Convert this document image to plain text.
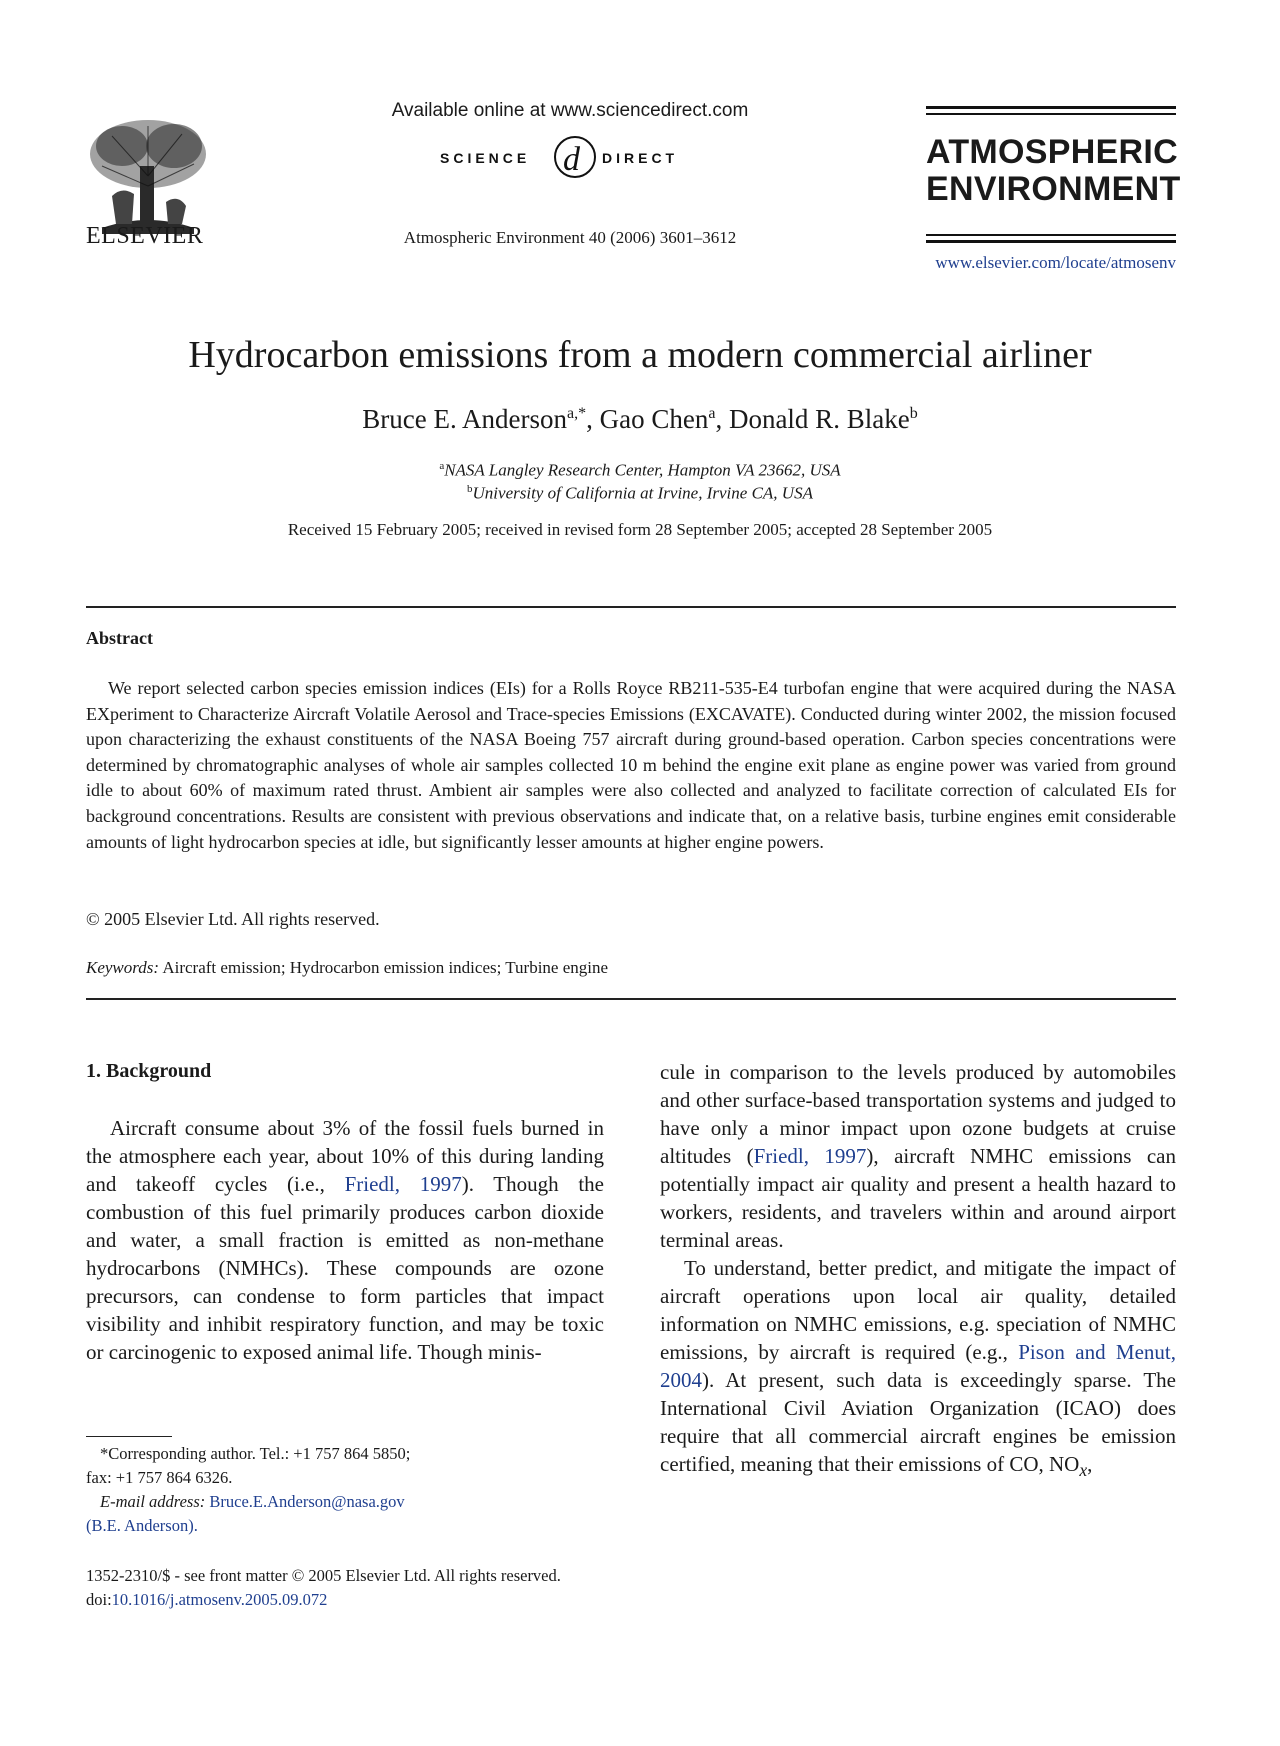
ELSEVIER
Available online at www.sciencedirect.com
SCIENCE d DIRECT
Atmospheric Environment 40 (2006) 3601–3612
ATMOSPHERIC
ENVIRONMENT
www.elsevier.com/locate/atmosenv
Hydrocarbon emissions from a modern commercial airliner
Bruce E. Anderson$^{a,*}$, Gao Chen$^a$, Donald R. Blake$^b$
$^a$NASA Langley Research Center, Hampton VA 23662, USA
$^b$University of California at Irvine, Irvine CA, USA
Received 15 February 2005; received in revised form 28 September 2005; accepted 28 September 2005
Abstract
We report selected carbon species emission indices (EIs) for a Rolls Royce RB211-535-E4 turbofan engine that were acquired during the NASA EXperiment to Characterize Aircraft Volatile Aerosol and Trace-species Emissions (EXCAVATE). Conducted during winter 2002, the mission focused upon characterizing the exhaust constituents of the NASA Boeing 757 aircraft during ground-based operation. Carbon species concentrations were determined by chromatographic analyses of whole air samples collected 10 m behind the engine exit plane as engine power was varied from ground idle to about 60% of maximum rated thrust. Ambient air samples were also collected and analyzed to facilitate correction of calculated EIs for background concentrations. Results are consistent with previous observations and indicate that, on a relative basis, turbine engines emit considerable amounts of light hydrocarbon species at idle, but significantly lesser amounts at higher engine powers.
© 2005 Elsevier Ltd. All rights reserved.
Keywords: Aircraft emission; Hydrocarbon emission indices; Turbine engine
1. Background

Aircraft consume about 3% of the fossil fuels burned in the atmosphere each year, about 10% of this during landing and takeoff cycles (i.e., Friedl, 1997). Though the combustion of this fuel primarily produces carbon dioxide and water, a small fraction is emitted as non-methane hydrocarbons (NMHCs). These compounds are ozone precursors, can condense to form particles that impact visibility and inhibit respiratory function, and may be toxic or carcinogenic to exposed animal life. Though minis-

cule in comparison to the levels produced by automobiles and other surface-based transportation systems and judged to have only a minor impact upon ozone budgets at cruise altitudes (Friedl, 1997), aircraft NMHC emissions can potentially impact air quality and present a health hazard to workers, residents, and travelers within and around airport terminal areas.

To understand, better predict, and mitigate the impact of aircraft operations upon local air quality, detailed information on NMHC emissions, e.g. speciation of NMHC emissions, by aircraft is required (e.g., Pison and Menut, 2004). At present, such data is exceedingly sparse. The International Civil Aviation Organization (ICAO) does require that all commercial aircraft engines be emission certified, meaning that their emissions of CO, $NO_x$,

*Corresponding author. Tel.: +1 757 864 5850;
fax: +1 757 864 6326.
E-mail address: Bruce.E.Anderson@nasa.gov
(B.E. Anderson).
1352-2310/$ - see front matter © 2005 Elsevier Ltd. All rights reserved.
doi:10.1016/j.atmosenv.2005.09.072
